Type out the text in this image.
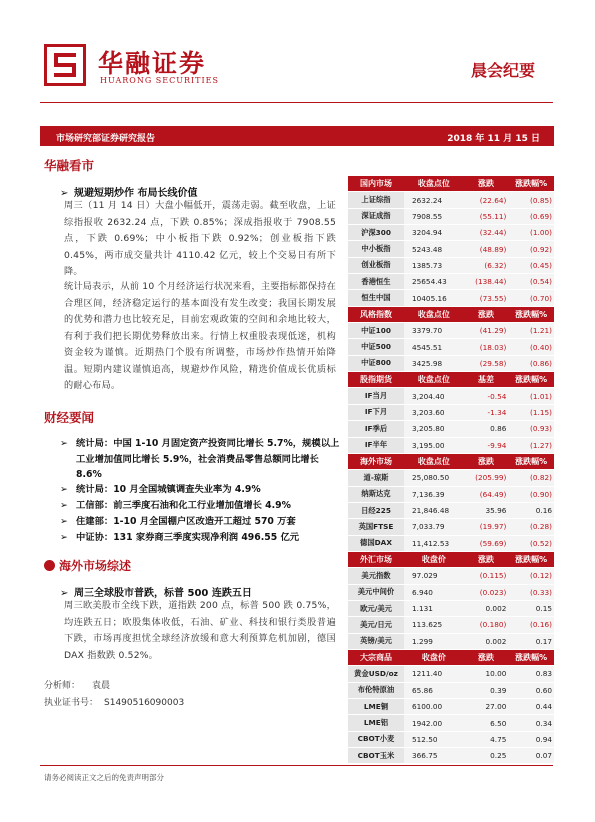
华融证券
HUARONG SECURITIES
晨会纪要
市场研究部证券研究报告	2018 年 11 月 15 日
华融看市
➢ 规避短期炒作 布局长线价值
周三（11 月 14 日）大盘小幅低开，震荡走弱。截至收盘，上证综指报收 2632.24 点，下跌 0.85%；深成指报收于 7908.55 点，下跌 0.69%；中小板指下跌 0.92%；创业板指下跌 0.45%，两市成交量共计 4110.42 亿元，较上个交易日有所下降。
统计局表示，从前 10 个月经济运行状况来看，主要指标都保持在合理区间，经济稳定运行的基本面没有发生改变；我国长期发展的优势和潜力也比较充足，目前宏观政策的空间和余地比较大，有利于我们把长期优势释放出来。行情上权重股表现低迷，机构资金较为谨慎。近期热门个股有所调整，市场炒作热情开始降温。短期内建议谨慎追高，规避炒作风险，精选价值成长优质标的耐心布局。
财经要闻
➢ 统计局：中国 1-10 月固定资产投资同比增长 5.7%，规模以上工业增加值同比增长 5.9%，社会消费品零售总额同比增长 8.6%
➢ 统计局：10 月全国城镇调查失业率为 4.9%
➢ 工信部：前三季度石油和化工行业增加值增长 4.9%
➢ 住建部：1-10 月全国棚户区改造开工超过 570 万套
➢ 中证协：131 家券商三季度实现净利润 496.55 亿元
海外市场综述
➢ 周三全球股市普跌，标普 500 连跌五日
周三欧美股市全线下跌，道指跌 200 点，标普 500 跌 0.75%，均连跌五日；欧股集体收低，石油、矿业、科技和银行类股普遍下跌，市场再度担忧全球经济放缓和意大利预算危机加剧，德国 DAX 指数跌 0.52%。
分析师： 袁晨
执业证书号： S1490516090003
国内市场	收盘点位	涨跌	涨跌幅%
上证综指	2632.24	(22.64)	(0.85)
深证成指	7908.55	(55.11)	(0.69)
沪深300	3204.94	(32.44)	(1.00)
中小板指	5243.48	(48.89)	(0.92)
创业板指	1385.73	(6.32)	(0.45)
香港恒生	25654.43	(138.44)	(0.54)
恒生中国	10405.16	(73.55)	(0.70)
风格指数	收盘点位	涨跌	涨跌幅%
中证100	3379.70	(41.29)	(1.21)
中证500	4545.51	(18.03)	(0.40)
中证800	3425.98	(29.58)	(0.86)
股指期货	收盘点位	基差	涨跌幅%
IF当月	3,204.40	-0.54	(1.01)
IF下月	3,203.60	-1.34	(1.15)
IF季后	3,205.80	0.86	(0.93)
IF半年	3,195.00	-9.94	(1.27)
海外市场	收盘点位	涨跌	涨跌幅%
道-琼斯	25,080.50	(205.99)	(0.82)
纳斯达克	7,136.39	(64.49)	(0.90)
日经225	21,846.48	35.96	0.16
英国FTSE	7,033.79	(19.97)	(0.28)
德国DAX	11,412.53	(59.69)	(0.52)
外汇市场	收盘价	涨跌	涨跌幅%
美元指数	97.029	(0.115)	(0.12)
美元中间价	6.940	(0.023)	(0.33)
欧元/美元	1.131	0.002	0.15
美元/日元	113.625	(0.180)	(0.16)
英镑/美元	1.299	0.002	0.17
大宗商品	收盘价	涨跌	涨跌幅%
黄金USD/oz	1211.40	10.00	0.83
布伦特原油	65.86	0.39	0.60
LME铜	6100.00	27.00	0.44
LME铝	1942.00	6.50	0.34
CBOT小麦	512.50	4.75	0.94
CBOT玉米	366.75	0.25	0.07
请务必阅读正文之后的免责声明部分
